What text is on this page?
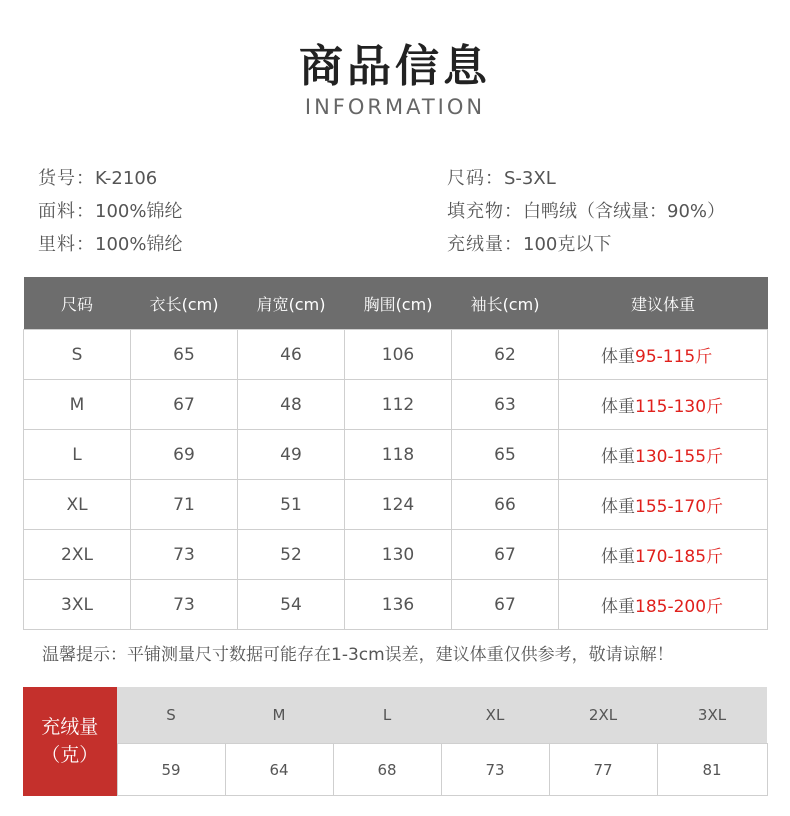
商品信息
INFORMATION
货号：K-2106
面料：100%锦纶
里料：100%锦纶
尺码：S-3XL
填充物：白鸭绒（含绒量：90%）
充绒量：100克以下
尺码	衣长(cm)	肩宽(cm)	胸围(cm)	袖长(cm)	建议体重
S	65	46	106	62	体重95-115斤
M	67	48	112	63	体重115-130斤
L	69	49	118	65	体重130-155斤
XL	71	51	124	66	体重155-170斤
2XL	73	52	130	67	体重170-185斤
3XL	73	54	136	67	体重185-200斤
温馨提示：平铺测量尺寸数据可能存在1-3cm误差，建议体重仅供参考，敬请谅解！
充绒量
（克）	S	M	L	XL	2XL	3XL
	59	64	68	73	77	81
